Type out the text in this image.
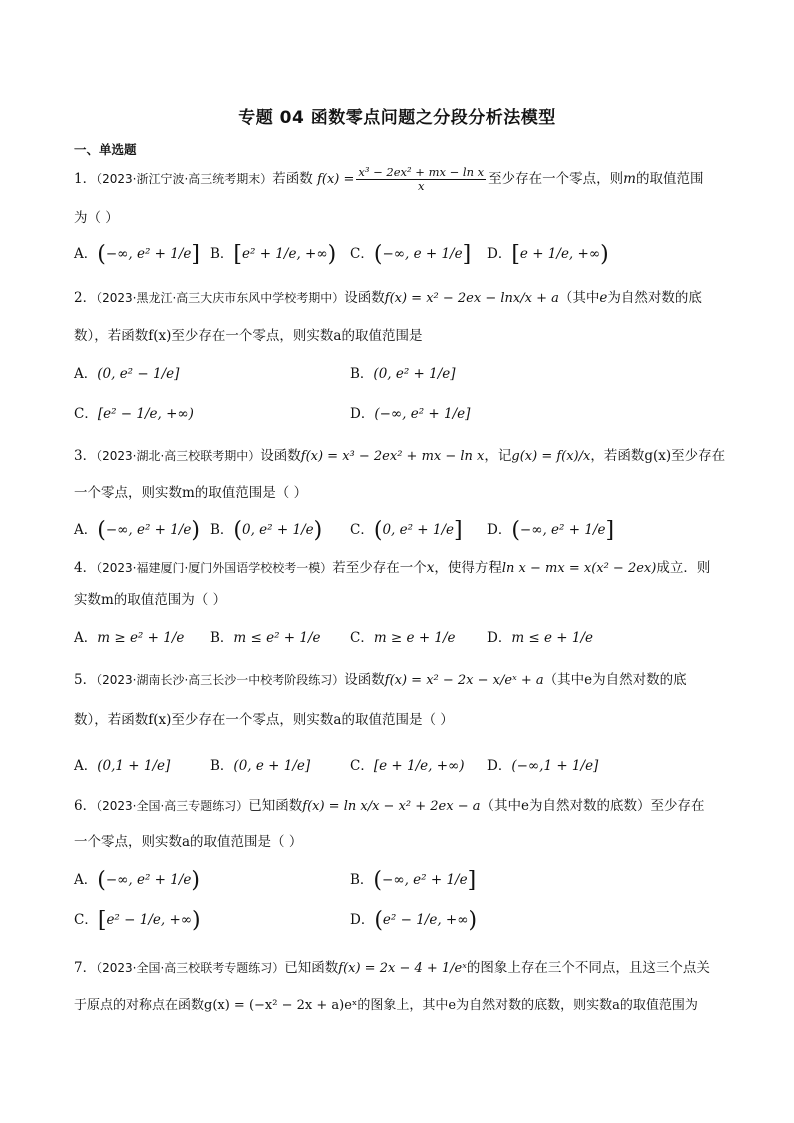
专题 04 函数零点问题之分段分析法模型
一、单选题
1．（2023·浙江宁波·高三统考期末）若函数 $f(x) = \frac{\text{x³ − 2ex² + mx − ln x}}{x}$ 至少存在一个零点，则m的取值范围
为（ ）
A．(−∞, e² + 1/e] B．[e² + 1/e, +∞) C．(−∞, e + 1/e] D．[e + 1/e, +∞)
2．（2023·黑龙江·高三大庆市东风中学校考期中）设函数f(x) = x² − 2ex − lnx/x + a（其中e为自然对数的底
数），若函数f(x)至少存在一个零点，则实数a的取值范围是
A．(0, e² − 1/e]	B．(0, e² + 1/e]
C．[e² − 1/e, +∞)	D．(−∞, e² + 1/e]
3．（2023·湖北·高三校联考期中）设函数f(x) = x³ − 2ex² + mx − ln x，记g(x) = f(x)/x，若函数g(x)至少存在
一个零点，则实数m的取值范围是（ ）
A．(−∞, e² + 1/e) B．(0, e² + 1/e) C．(0, e² + 1/e] D．(−∞, e² + 1/e]
4．（2023·福建厦门·厦门外国语学校校考一模）若至少存在一个x，使得方程ln x − mx = x(x² − 2ex)成立．则
实数m的取值范围为（ ）
A．m ≥ e² + 1/e B．m ≤ e² + 1/e C．m ≥ e + 1/e D．m ≤ e + 1/e
5．（2023·湖南长沙·高三长沙一中校考阶段练习）设函数f(x) = x² − 2x − x/eˣ + a（其中e为自然对数的底
数），若函数f(x)至少存在一个零点，则实数a的取值范围是（ ）
A．(0,1 + 1/e]	B．(0, e + 1/e]	C．[e + 1/e, +∞) D．(−∞,1 + 1/e]
6．（2023·全国·高三专题练习）已知函数f(x) = ln x/x − x² + 2ex − a（其中e为自然对数的底数）至少存在
一个零点，则实数a的取值范围是（ ）
A．(−∞, e² + 1/e)	B．(−∞, e² + 1/e]
C．[e² − 1/e, +∞)	D．(e² − 1/e, +∞)
7．（2023·全国·高三校联考专题练习）已知函数f(x) = 2x − 4 + 1/eˣ的图象上存在三个不同点，且这三个点关
于原点的对称点在函数g(x) = (−x² − 2x + a)eˣ的图象上，其中e为自然对数的底数，则实数a的取值范围为
